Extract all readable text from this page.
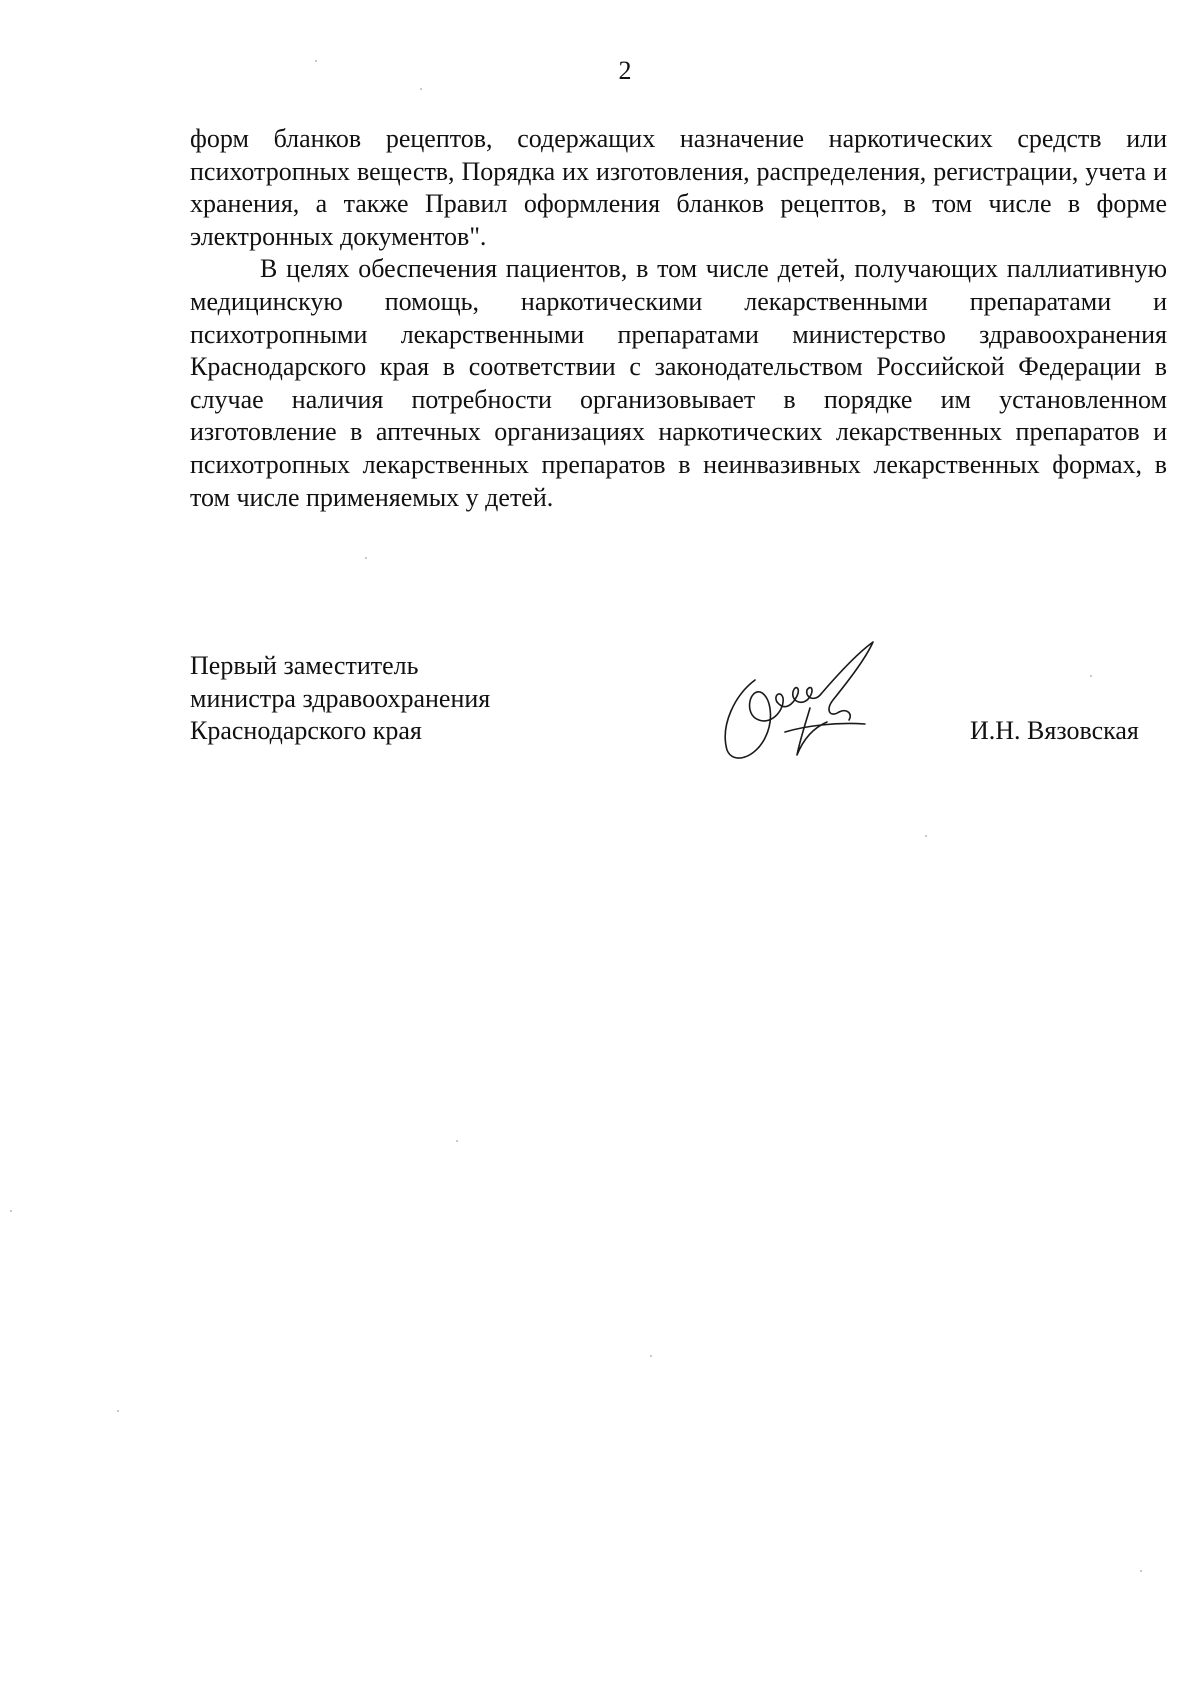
2

форм бланков рецептов, содержащих назначение наркотических средств или психотропных веществ, Порядка их изготовления, распределения, регистрации, учета и хранения, а также Правил оформления бланков рецептов, в том числе в форме электронных документов".

В целях обеспечения пациентов, в том числе детей, получающих паллиативную медицинскую помощь, наркотическими лекарственными препаратами и психотропными лекарственными препаратами министерство здравоохранения Краснодарского края в соответствии с законодательством Российской Федерации в случае наличия потребности организовывает в порядке им установленном изготовление в аптечных организациях наркотических лекарственных препаратов и психотропных лекарственных препаратов в неинвазивных лекарственных формах, в том числе применяемых у детей.

Первый заместитель
министра здравоохранения
Краснодарского края	И.Н. Вязовская
